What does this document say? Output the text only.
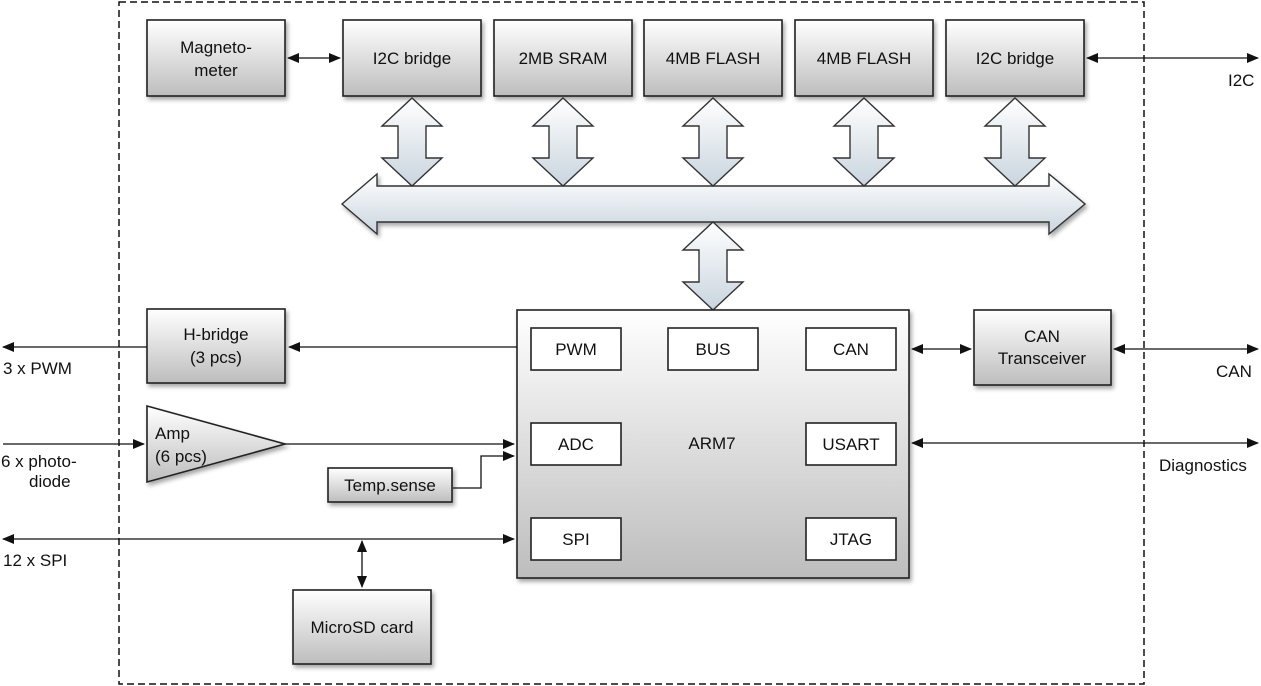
Magneto-
meter
I2C bridge	2MB SRAM	4MB FLASH	4MB FLASH	I2C bridge
I2C
ARM7
PWM	BUS	CAN
ADC	USART
SPI	JTAG
H-bridge
(3 pcs)
3 x PWM
Amp
(6 pcs)
6 x photo-
diode	Temp.sense
12 x SPI
MicroSD card
CAN
Transceiver
CAN
Diagnostics
